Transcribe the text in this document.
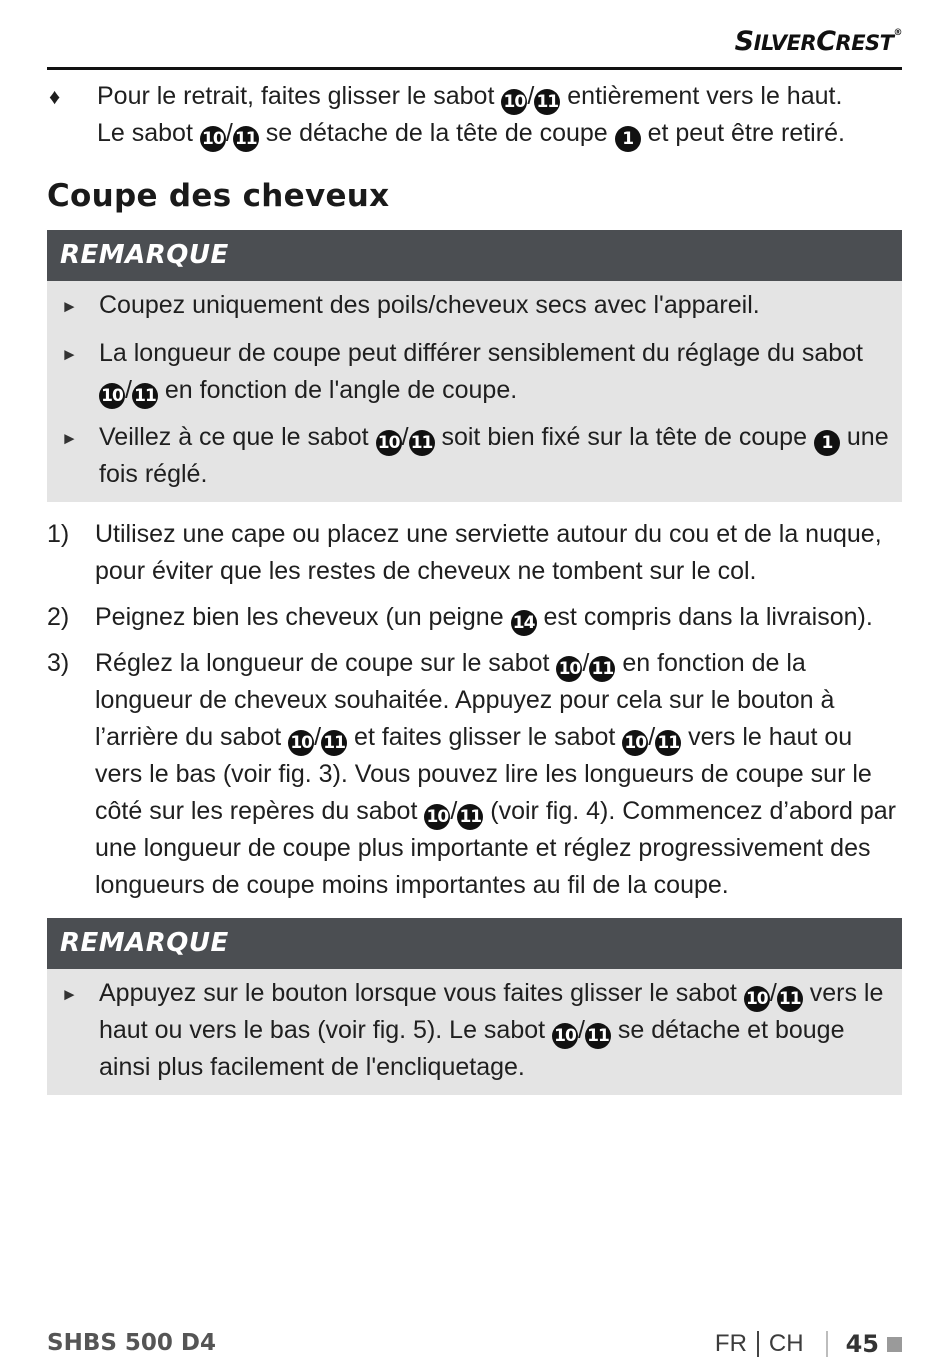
SILVERCREST®
♦	Pour le retrait, faites glisser le sabot 10/ 11 entièrement vers le haut.
Le sabot 10/ 11 se détache de la tête de coupe 1 et peut être retiré.
Coupe des cheveux
REMARQUE
► Coupez uniquement des poils/cheveux secs avec l'appareil.
► La longueur de coupe peut différer sensiblement du réglage du sabot 10/ 11 en fonction de l'angle de coupe.
► Veillez à ce que le sabot 10/ 11 soit bien fixé sur la tête de coupe 1 une fois réglé.
1)	Utilisez une cape ou placez une serviette autour du cou et de la nuque, pour éviter que les restes de cheveux ne tombent sur le col.
2)	Peignez bien les cheveux (un peigne 14 est compris dans la livraison).
3)	Réglez la longueur de coupe sur le sabot 10/ 11 en fonction de la longueur de cheveux souhaitée. Appuyez pour cela sur le bouton à l’arrière du sabot 10/ 11 et faites glisser le sabot 10/ 11 vers le haut ou vers le bas (voir fig. 3). Vous pouvez lire les longueurs de coupe sur le côté sur les repères du sabot 10/ 11 (voir fig. 4). Commencez d’abord par une longueur de coupe plus importante et réglez progressivement des longueurs de coupe moins importantes au fil de la coupe.
REMARQUE
► Appuyez sur le bouton lorsque vous faites glisser le sabot 10/ 11 vers le haut ou vers le bas (voir fig. 5). Le sabot 10/ 11 se détache et bouge ainsi plus facilement de l'encliquetage.
SHBS 500 D4	FR CH 45
